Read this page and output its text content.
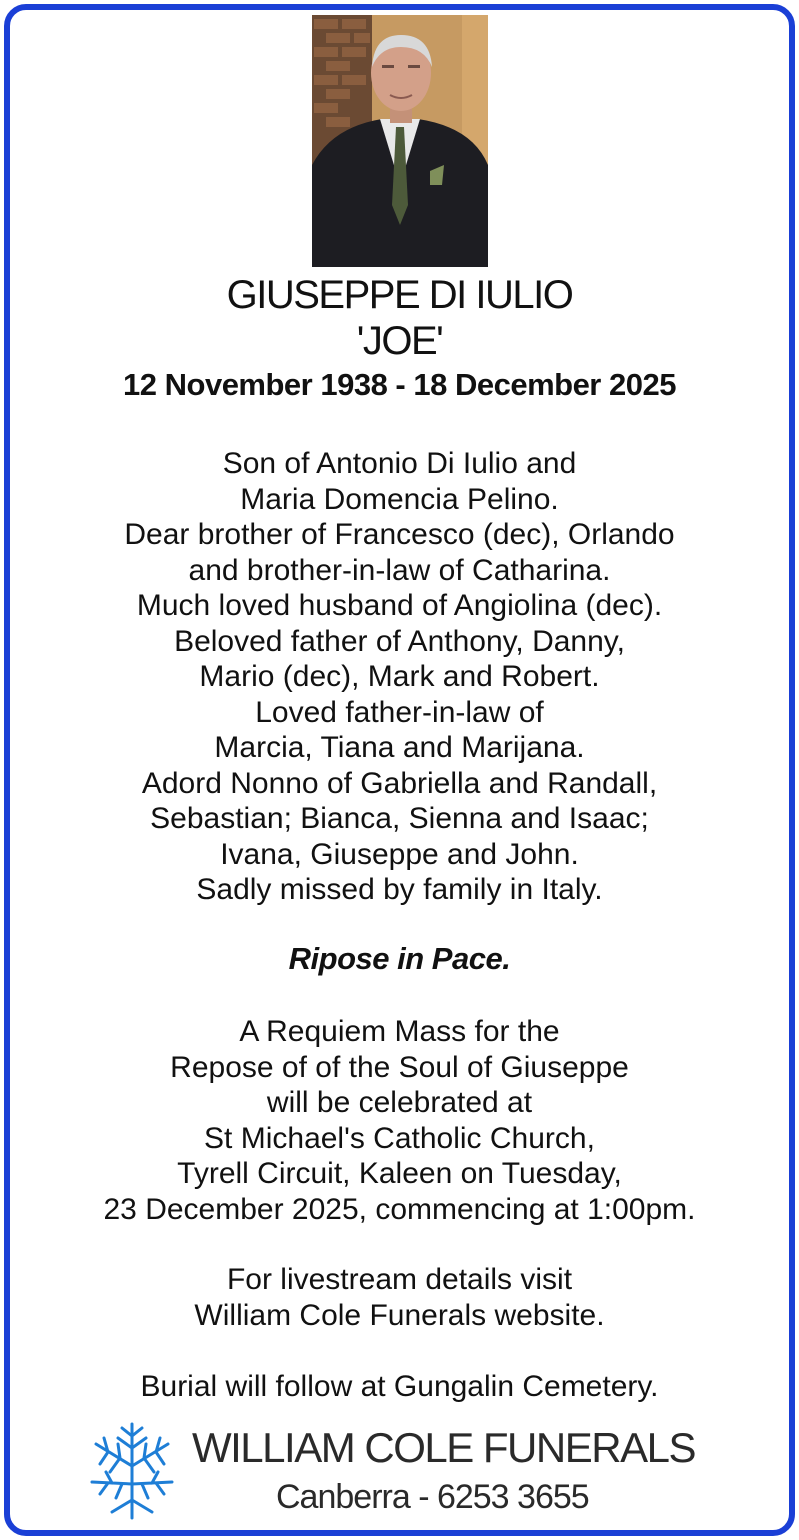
GIUSEPPE DI IULIO
'JOE'
12 November 1938 - 18 December 2025
Son of Antonio Di Iulio and
Maria Domencia Pelino.
Dear brother of Francesco (dec), Orlando
and brother-in-law of Catharina.
Much loved husband of Angiolina (dec).
Beloved father of Anthony, Danny,
Mario (dec), Mark and Robert.
Loved father-in-law of
Marcia, Tiana and Marijana.
Adord Nonno of Gabriella and Randall,
Sebastian; Bianca, Sienna and Isaac;
Ivana, Giuseppe and John.
Sadly missed by family in Italy.
Ripose in Pace.
A Requiem Mass for the
Repose of of the Soul of Giuseppe
will be celebrated at
St Michael's Catholic Church,
Tyrell Circuit, Kaleen on Tuesday,
23 December 2025, commencing at 1:00pm.
For livestream details visit
William Cole Funerals website.
Burial will follow at Gungalin Cemetery.
WILLIAM COLE FUNERALS
Canberra - 6253 3655
